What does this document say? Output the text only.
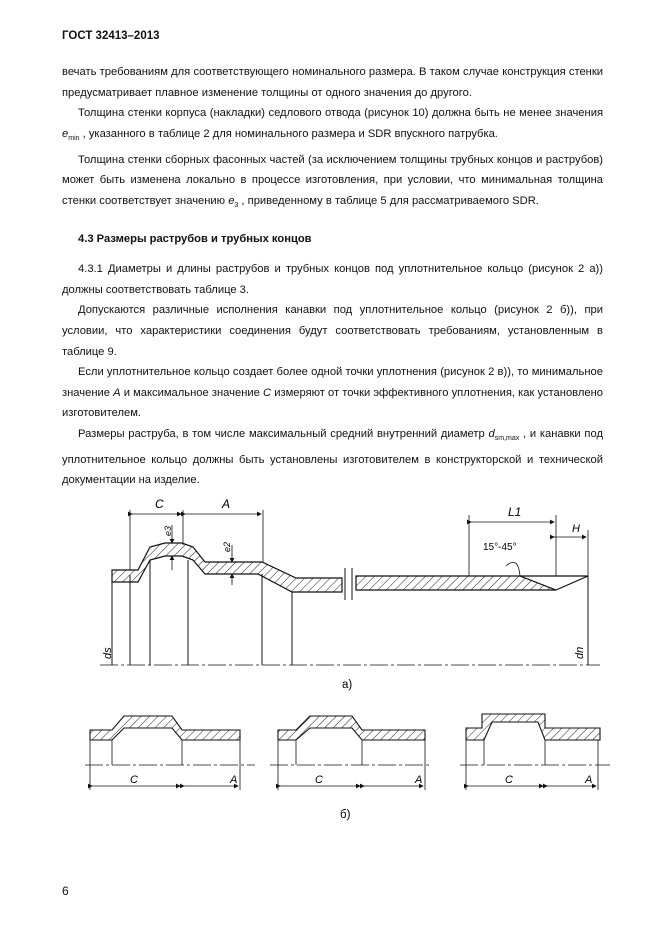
ГОСТ 32413–2013

вечать требованиям для соответствующего номинального размера. В таком случае конструкция стенки предусматривает плавное изменение толщины от одного значения до другого.

Толщина стенки корпуса (накладки) седлового отвода (рисунок 10) должна быть не менее значения $e_{min}$ , указанного в таблице 2 для номинального размера и SDR впускного патрубка.

Толщина стенки сборных фасонных частей (за исключением толщины трубных концов и раструбов) может быть изменена локально в процессе изготовления, при условии, что минимальная толщина стенки соответствует значению $e_3$ , приведенному в таблице 5 для рассматриваемого SDR.

4.3 Размеры раструбов и трубных концов

4.3.1 Диаметры и длины раструбов и трубных концов под уплотнительное кольцо (рисунок 2 а)) должны соответствовать таблице 3.

Допускаются различные исполнения канавки под уплотнительное кольцо (рисунок 2 б)), при условии, что характеристики соединения будут соответствовать требованиям, установленным в таблице 9.

Если уплотнительное кольцо создает более одной точки уплотнения (рисунок 2 в)), то минимальное значение A и максимальное значение C измеряют от точки эффективного уплотнения, как установлено изготовителем.

Размеры раструба, в том числе максимальный средний внутренний диаметр $d_{sm,max}$ , и канавки под уплотнительное кольцо должны быть установлены изготовителем в конструкторской и технической документации на изделие.

C	A
e3
e2
L1
H
15°-45°
ds	dn
а)
C	A	C	A	C	A
б)
6
